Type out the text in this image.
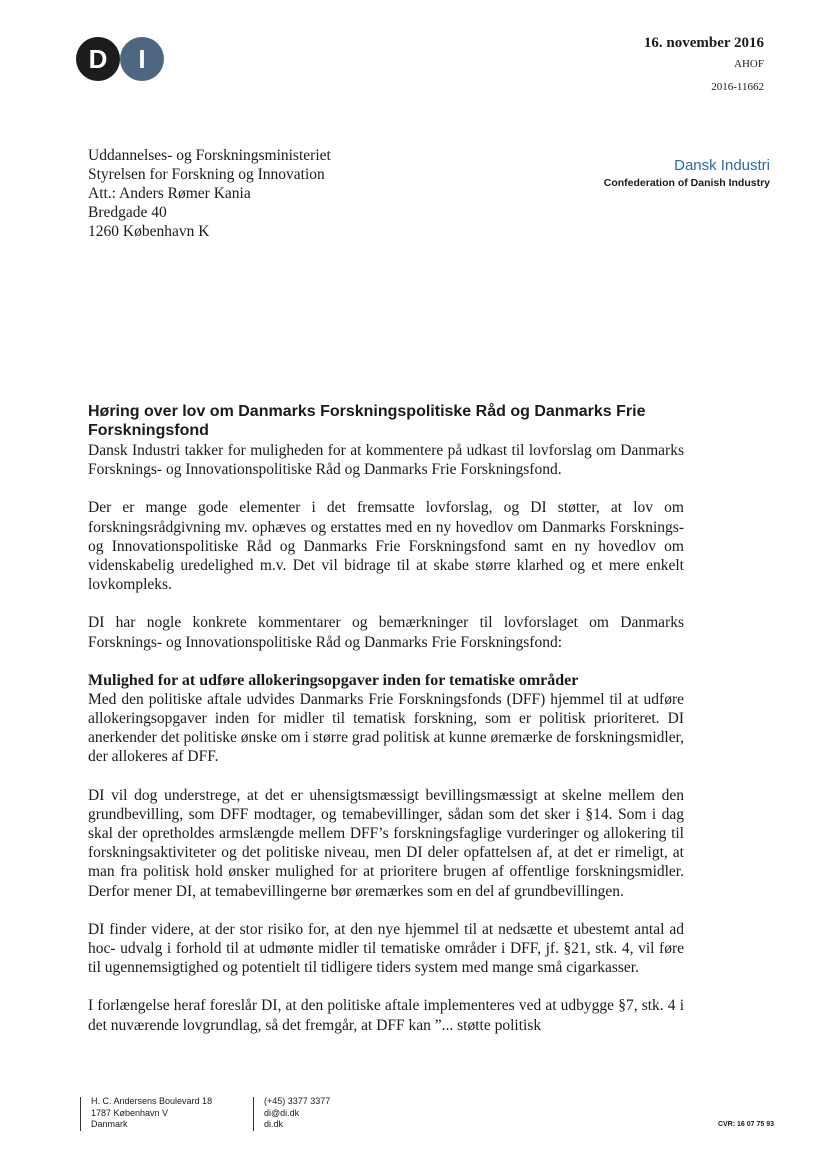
D	I
16. november 2016
AHOF
2016-11662
Uddannelses- og Forskningsministeriet
Styrelsen for Forskning og Innovation
Att.: Anders Rømer Kania
Bredgade 40
1260 København K
Dansk Industri
Confederation of Danish Industry
Høring over lov om Danmarks Forskningspolitiske Råd og Danmarks Frie Forskningsfond

Dansk Industri takker for muligheden for at kommentere på udkast til lovforslag om Danmarks Forsknings- og Innovationspolitiske Råd og Danmarks Frie Forskningsfond.

Der er mange gode elementer i det fremsatte lovforslag, og DI støtter, at lov om forskningsrådgivning mv. ophæves og erstattes med en ny hovedlov om Danmarks Forsknings- og Innovationspolitiske Råd og Danmarks Frie Forskningsfond samt en ny hovedlov om videnskabelig uredelighed m.v. Det vil bidrage til at skabe større klarhed og et mere enkelt lovkompleks.

DI har nogle konkrete kommentarer og bemærkninger til lovforslaget om Danmarks Forsknings- og Innovationspolitiske Råd og Danmarks Frie Forskningsfond:

Mulighed for at udføre allokeringsopgaver inden for tematiske områder

Med den politiske aftale udvides Danmarks Frie Forskningsfonds (DFF) hjemmel til at udføre allokeringsopgaver inden for midler til tematisk forskning, som er politisk prioriteret. DI anerkender det politiske ønske om i større grad politisk at kunne øremærke de forskningsmidler, der allokeres af DFF.

DI vil dog understrege, at det er uhensigtsmæssigt bevillingsmæssigt at skelne mellem den grundbevilling, som DFF modtager, og temabevillinger, sådan som det sker i §14. Som i dag skal der opretholdes armslængde mellem DFF’s forskningsfaglige vurderinger og allokering til forskningsaktiviteter og det politiske niveau, men DI deler opfattelsen af, at det er rimeligt, at man fra politisk hold ønsker mulighed for at prioritere brugen af offentlige forskningsmidler. Derfor mener DI, at temabevillingerne bør øremærkes som en del af grundbevillingen.

DI finder videre, at der stor risiko for, at den nye hjemmel til at nedsætte et ubestemt antal ad hoc- udvalg i forhold til at udmønte midler til tematiske områder i DFF, jf. §21, stk. 4, vil føre til ugennemsigtighed og potentielt til tidligere tiders system med mange små cigarkasser.

I forlængelse heraf foreslår DI, at den politiske aftale implementeres ved at udbygge §7, stk. 4 i det nuværende lovgrundlag, så det fremgår, at DFF kan ”... støtte politisk

H. C. Andersens Boulevard 18
1787 København V
Danmark
(+45) 3377 3377
di@di.dk
di.dk	CVR: 16 07 75 93
